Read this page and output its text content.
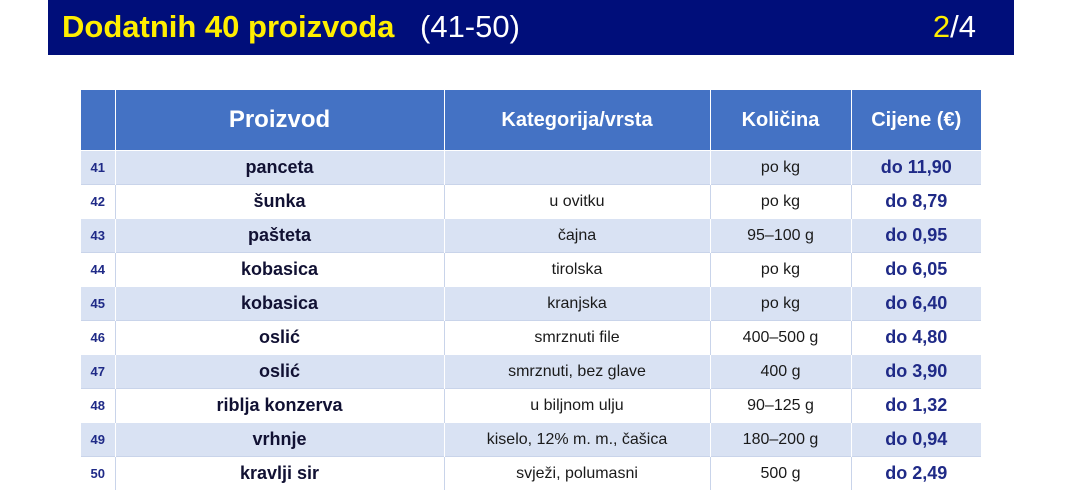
Dodatnih 40 proizvoda (41-50)	2/4
	Proizvod	Kategorija/vrsta	Količina	Cijene (€)
41	panceta		po kg	do 11,90
42	šunka	u ovitku	po kg	do 8,79
43	pašteta	čajna	95–100 g	do 0,95
44	kobasica	tirolska	po kg	do 6,05
45	kobasica	kranjska	po kg	do 6,40
46	oslić	smrznuti file	400–500 g	do 4,80
47	oslić	smrznuti, bez glave	400 g	do 3,90
48	riblja konzerva	u biljnom ulju	90–125 g	do 1,32
49	vrhnje	kiselo, 12% m. m., čašica	180–200 g	do 0,94
50	kravlji sir	svježi, polumasni	500 g	do 2,49
